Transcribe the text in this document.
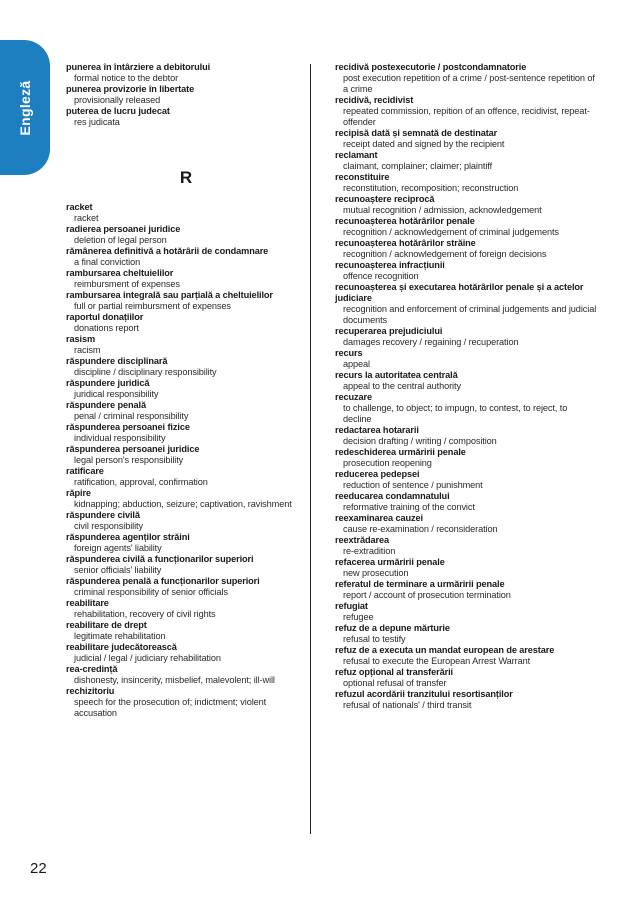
Engleză
punerea în întârziere a debitorului
formal notice to the debtor
punerea provizorie în libertate
provisionally released
puterea de lucru judecat
res judicata
R
racket
racket
radierea persoanei juridice
deletion of legal person
rămânerea definitivă a hotărârii de condamnare
a final conviction
rambursarea cheltuielilor
reimbursment of expenses
rambursarea integrală sau parțială a cheltuielilor
full or partial reimbursment of expenses
raportul donațiilor
donations report
rasism
racism
răspundere disciplinară
discipline / disciplinary responsibility
răspundere juridică
juridical responsibility
răspundere penală
penal / criminal responsibility
răspunderea persoanei fizice
individual responsibility
răspunderea persoanei juridice
legal person's responsibility
ratificare
ratification, approval, confirmation
răpire
kidnapping; abduction, seizure; captivation, ravishment
răspundere civilă
civil responsibility
răspunderea agenților străini
foreign agents' liability
răspunderea civilă a funcționarilor superiori
senior officials' liability
răspunderea penală a funcționarilor superiori
criminal responsibility of senior officials
reabilitare
rehabilitation, recovery of civil rights
reabilitare de drept
legitimate rehabilitation
reabilitare judecătorească
judicial / legal / judiciary rehabilitation
rea-credință
dishonesty, insincerity, misbelief, malevolent; ill-will
rechizitoriu
speech for the prosecution of; indictment; violent accusation
recidivă postexecutorie / postcondamnatorie
post execution repetition of a crime / post-sentence repetition of a crime
recidivă, recidivist
repeated commission, repition of an offence, recidivist, repeat-offender
recipisă dată și semnată de destinatar
receipt dated and signed by the recipient
reclamant
claimant, complainer; claimer; plaintiff
reconstituire
reconstitution, recomposition; reconstruction
recunoaștere reciprocă
mutual recognition / admission, acknowledgement
recunoașterea hotărârilor penale
recognition / acknowledgement of criminal judgements
recunoașterea hotărârilor străine
recognition / acknowledgement of foreign decisions
recunoașterea infracțiunii
offence recognition
recunoașterea și executarea hotărârilor penale și a actelor judiciare
recognition and enforcement of criminal judgements and judicial documents
recuperarea prejudiciului
damages recovery / regaining / recuperation
recurs
appeal
recurs la autoritatea centrală
appeal to the central authority
recuzare
to challenge, to object; to impugn, to contest, to reject, to decline
redactarea hotararii
decision drafting / writing / composition
redeschiderea urmăririi penale
prosecution reopening
reducerea pedepsei
reduction of sentence / punishment
reeducarea condamnatului
reformative training of the convict
reexaminarea cauzei
cause re-examination / reconsideration
reextrădarea
re-extradition
refacerea urmăririi penale
new prosecution
referatul de terminare a urmăririi penale
report / account of prosecution termination
refugiat
refugee
refuz de a depune mărturie
refusal to testify
refuz de a executa un mandat european de arestare
refusal to execute the European Arrest Warrant
refuz opțional al transferării
optional refusal of transfer
refuzul acordării tranzitului resortisanților
refusal of nationals' / third transit
22
